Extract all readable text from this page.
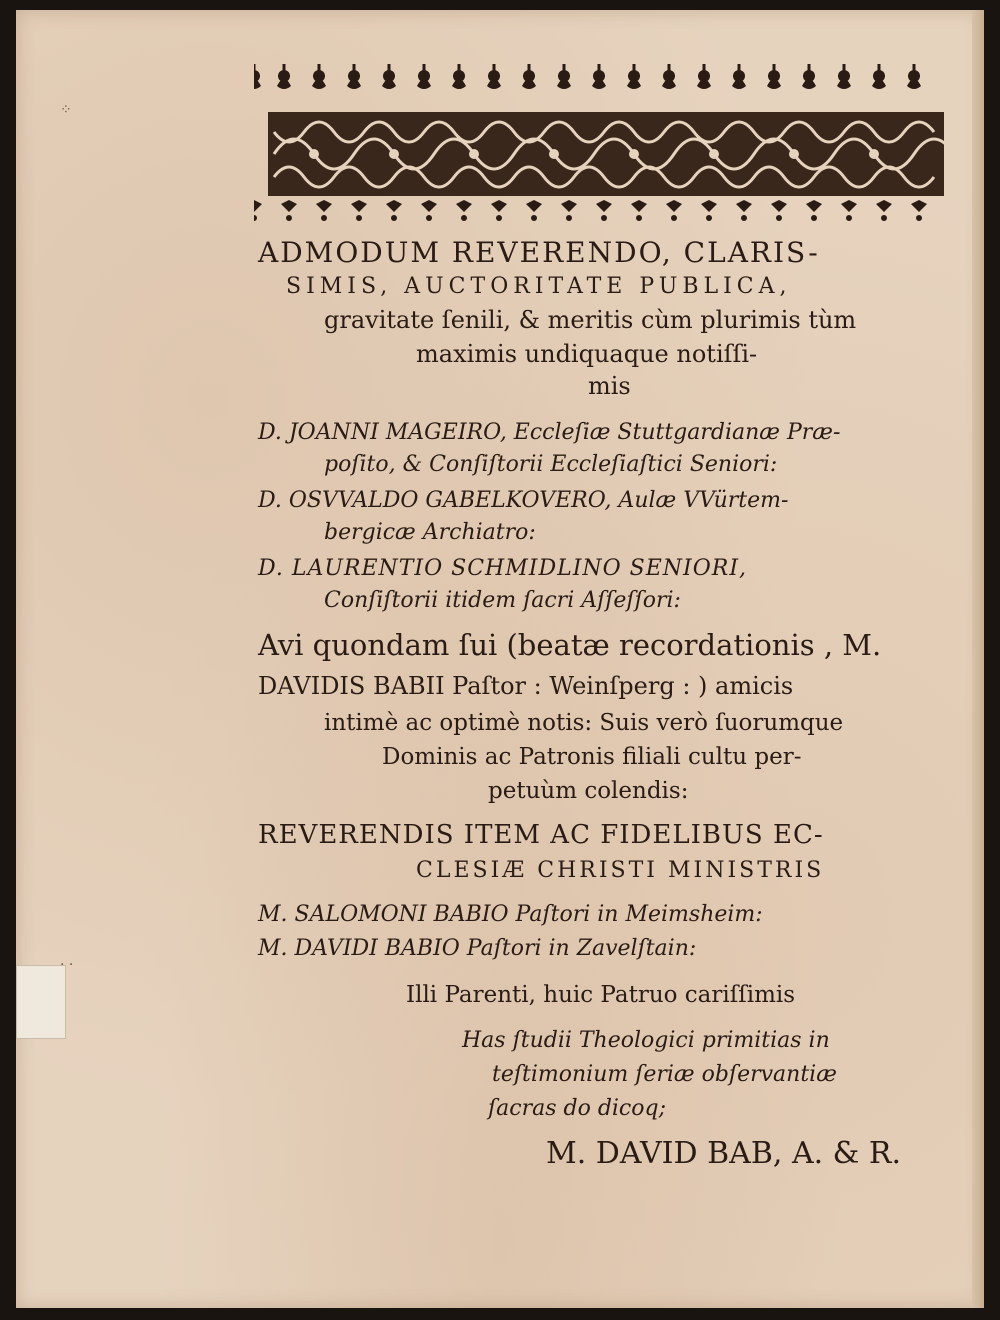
⁘
· ·
ADMODUM REVERENDO, CLARIS-
SIMIS, AUCTORITATE PUBLICA,
gravitate ſenili, & meritis cùm plurimis tùm
maximis undiquaque notiſſi-
mis
D. JOANNI MAGEIRO, Eccleſiæ Stuttgardianæ Præ-
poſito, & Conſiſtorii Eccleſiaſtici Seniori:
D. OSVVALDO GABELKOVERO, Aulæ VVürtem-
bergicæ Archiatro:
D. LAURENTIO SCHMIDLINO SENIORI,
Conſiſtorii itidem ſacri Aſſeſſori:
Avi quondam ſui (beatæ recordationis , M.
DAVIDIS BABII Paſtor : Weinſperg : ) amicis
intimè ac optimè notis: Suis verò ſuorumque
Dominis ac Patronis filiali cultu per-
petuùm colendis:
REVERENDIS ITEM AC FIDELIBUS EC-
CLESIÆ CHRISTI MINISTRIS
M. SALOMONI BABIO Paſtori in Meimsheim:
M. DAVIDI BABIO Paſtori in Zavelſtain:
Illi Parenti, huic Patruo cariſſimis
Has ſtudii Theologici primitias in
teſtimonium ſeriæ obſervantiæ
ſacras do dicoq;
M. DAVID BAB, A. & R.
